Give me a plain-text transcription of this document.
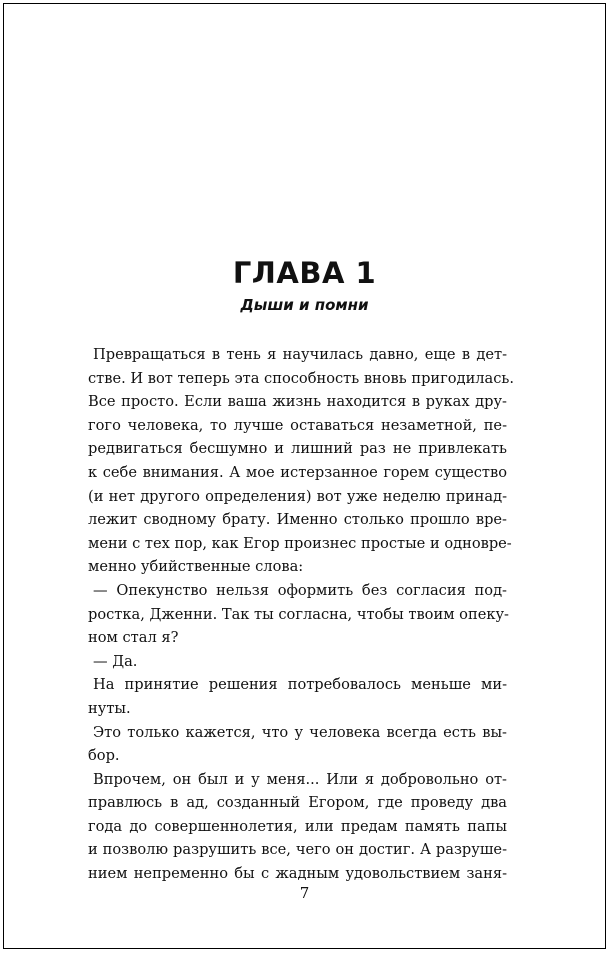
ГЛАВА 1
Дыши и помни
Превращаться в тень я научилась давно, еще в дет-
стве. И вот теперь эта способность вновь пригодилась.
Все просто. Если ваша жизнь находится в руках дру-
гого человека, то лучше оставаться незаметной, пе-
редвигаться бесшумно и лишний раз не привлекать
к себе внимания. А мое истерзанное горем существо
(и нет другого определения) вот уже неделю принад-
лежит сводному брату. Именно столько прошло вре-
мени с тех пор, как Егор произнес простые и одновре-
менно убийственные слова:
— Опекунство нельзя оформить без согласия под-
ростка, Дженни. Так ты согласна, чтобы твоим опеку-
ном стал я?
— Да.
На принятие решения потребовалось меньше ми-
нуты.
Это только кажется, что у человека всегда есть вы-
бор.
Впрочем, он был и у меня... Или я добровольно от-
правлюсь в ад, созданный Егором, где проведу два
года до совершеннолетия, или предам память папы
и позволю разрушить все, чего он достиг. А разруше-
нием непременно бы с жадным удовольствием заня-
7
